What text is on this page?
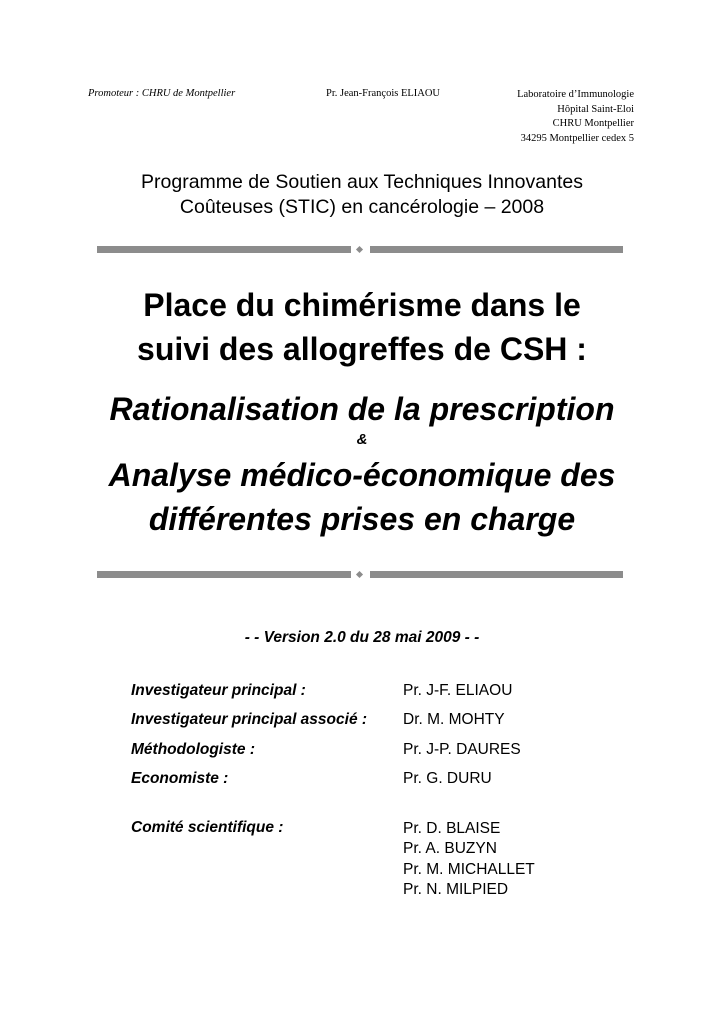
Promoteur : CHRU de Montpellier	Pr. Jean-François ELIAOU	Laboratoire d’Immunologie
Hôpital Saint-Eloi
CHRU Montpellier
34295 Montpellier cedex 5
Programme de Soutien aux Techniques Innovantes
Coûteuses (STIC) en cancérologie – 2008
Place du chimérisme dans le
suivi des allogreffes de CSH :
Rationalisation de la prescription
&
Analyse médico-économique des
différentes prises en charge
- - Version 2.0 du 28 mai 2009 - -
Investigateur principal :	Pr. J-F. ELIAOU
Investigateur principal associé : Dr. M. MOHTY
Méthodologiste :	Pr. J-P. DAURES
Economiste :	Pr. G. DURU
Comité scientifique :	Pr. D. BLAISE
Pr. A. BUZYN
Pr. M. MICHALLET
Pr. N. MILPIED
